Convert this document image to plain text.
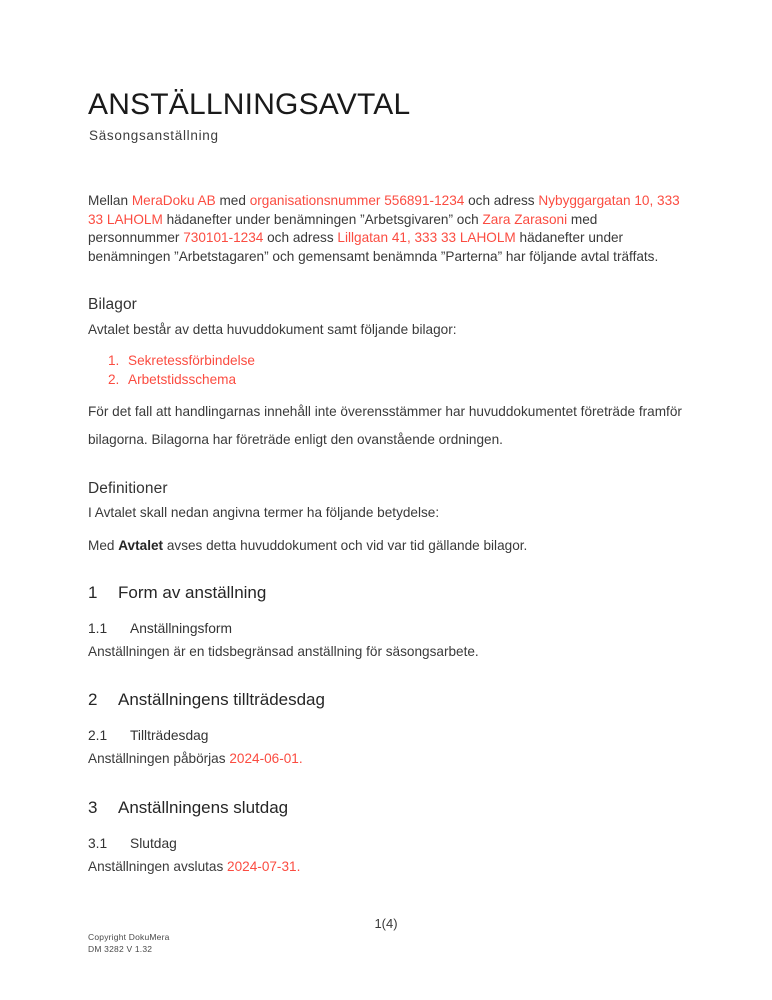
ANSTÄLLNINGSAVTAL
Säsongsanställning

Mellan MeraDoku AB med organisationsnummer 556891-1234 och adress Nybyggargatan 10, 333 33 LAHOLM hädanefter under benämningen ”Arbetsgivaren” och Zara Zarasoni med personnummer 730101-1234 och adress Lillgatan 41, 333 33 LAHOLM hädanefter under benämningen ”Arbetstagaren” och gemensamt benämnda ”Parterna” har följande avtal träffats.

Bilagor
Avtalet består av detta huvuddokument samt följande bilagor:
1. Sekretessförbindelse
2. Arbetstidsschema
För det fall att handlingarnas innehåll inte överensstämmer har huvuddokumentet företräde framför bilagorna. Bilagorna har företräde enligt den ovanstående ordningen.
Definitioner
I Avtalet skall nedan angivna termer ha följande betydelse:
Med Avtalet avses detta huvuddokument och vid var tid gällande bilagor.
1 Form av anställning
1.1 Anställningsform
Anställningen är en tidsbegränsad anställning för säsongsarbete.
2 Anställningens tillträdesdag
2.1 Tillträdesdag
Anställningen påbörjas 2024-06-01.
3 Anställningens slutdag
3.1 Slutdag
Anställningen avslutas 2024-07-31.
1(4)
Copyright DokuMera
DM 3282 V 1.32
